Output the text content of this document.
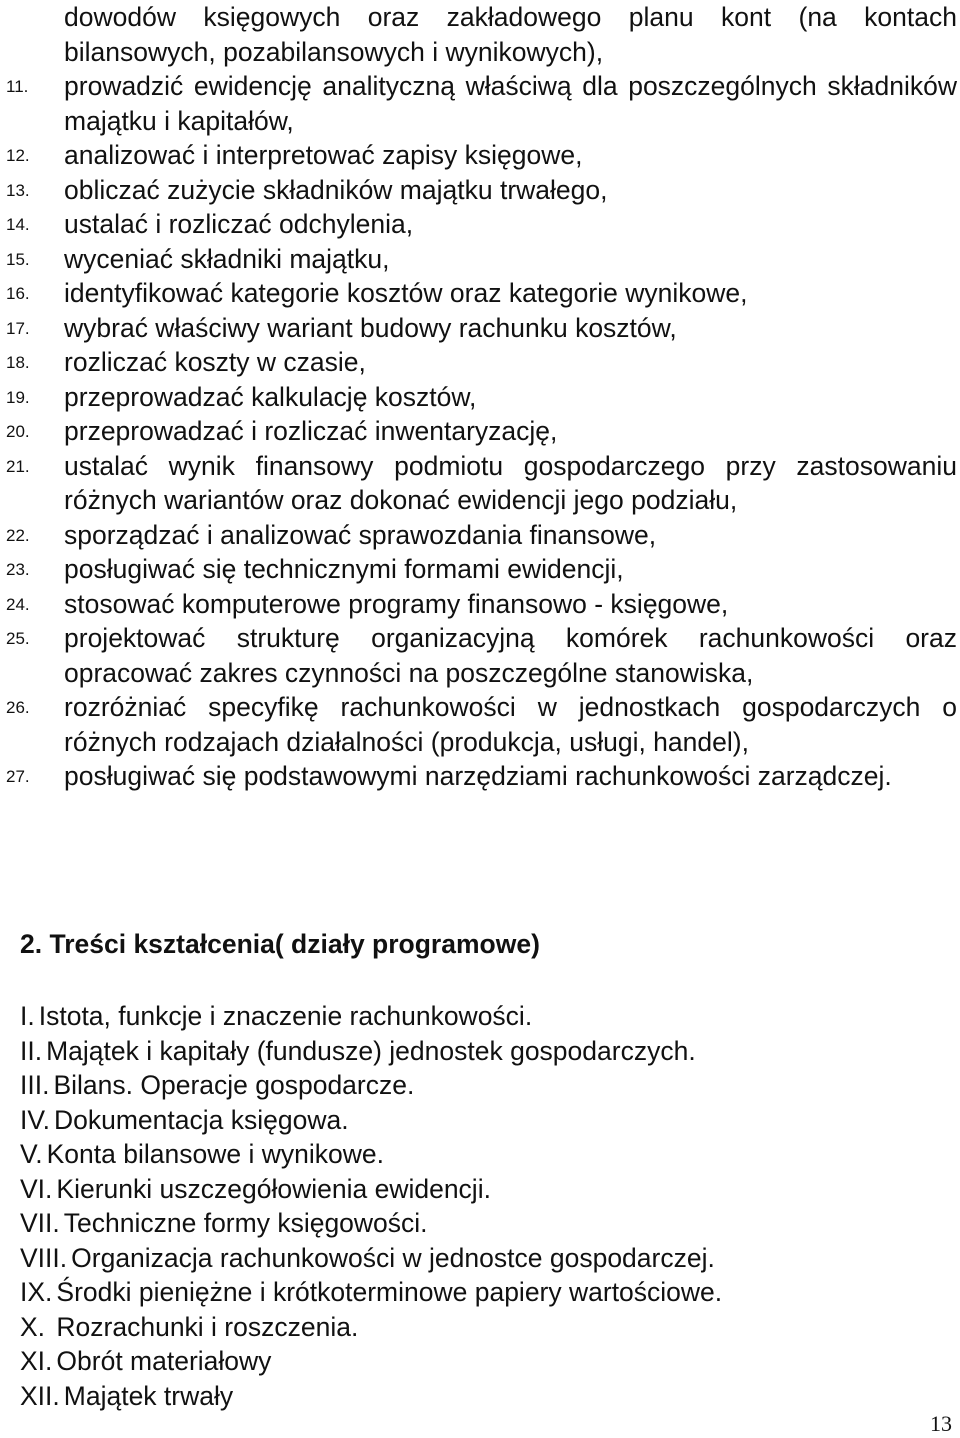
dowodów księgowych oraz zakładowego planu kont (na kontach
bilansowych, pozabilansowych i wynikowych),
11. prowadzić ewidencję analityczną właściwą dla poszczególnych składników majątku i kapitałów,
12. analizować i interpretować zapisy księgowe,
13. obliczać zużycie składników majątku trwałego,
14. ustalać i rozliczać odchylenia,
15. wyceniać składniki majątku,
16. identyfikować kategorie kosztów oraz kategorie wynikowe,
17. wybrać właściwy wariant budowy rachunku kosztów,
18. rozliczać koszty w czasie,
19. przeprowadzać kalkulację kosztów,
20. przeprowadzać i rozliczać inwentaryzację,
21. ustalać wynik finansowy podmiotu gospodarczego przy zastosowaniu różnych wariantów oraz dokonać ewidencji jego podziału,
22. sporządzać i analizować sprawozdania finansowe,
23. posługiwać się technicznymi formami ewidencji,
24. stosować komputerowe programy finansowo - księgowe,
25. projektować strukturę organizacyjną komórek rachunkowości oraz opracować zakres czynności na poszczególne stanowiska,
26. rozróżniać specyfikę rachunkowości w jednostkach gospodarczych o różnych rodzajach działalności (produkcja, usługi, handel),
27. posługiwać się podstawowymi narzędziami rachunkowości zarządczej.
2. Treści kształcenia( działy programowe)
I. Istota, funkcje i znaczenie rachunkowości.
II. Majątek i kapitały (fundusze) jednostek gospodarczych.
III. Bilans. Operacje gospodarcze.
IV. Dokumentacja księgowa.
V. Konta bilansowe i wynikowe.
VI. Kierunki uszczegółowienia ewidencji.
VII. Techniczne formy księgowości.
VIII. Organizacja rachunkowości w jednostce gospodarczej.
IX. Środki pieniężne i krótkoterminowe papiery wartościowe.
X. Rozrachunki i roszczenia.
XI. Obrót materiałowy
XII. Majątek trwały
13
